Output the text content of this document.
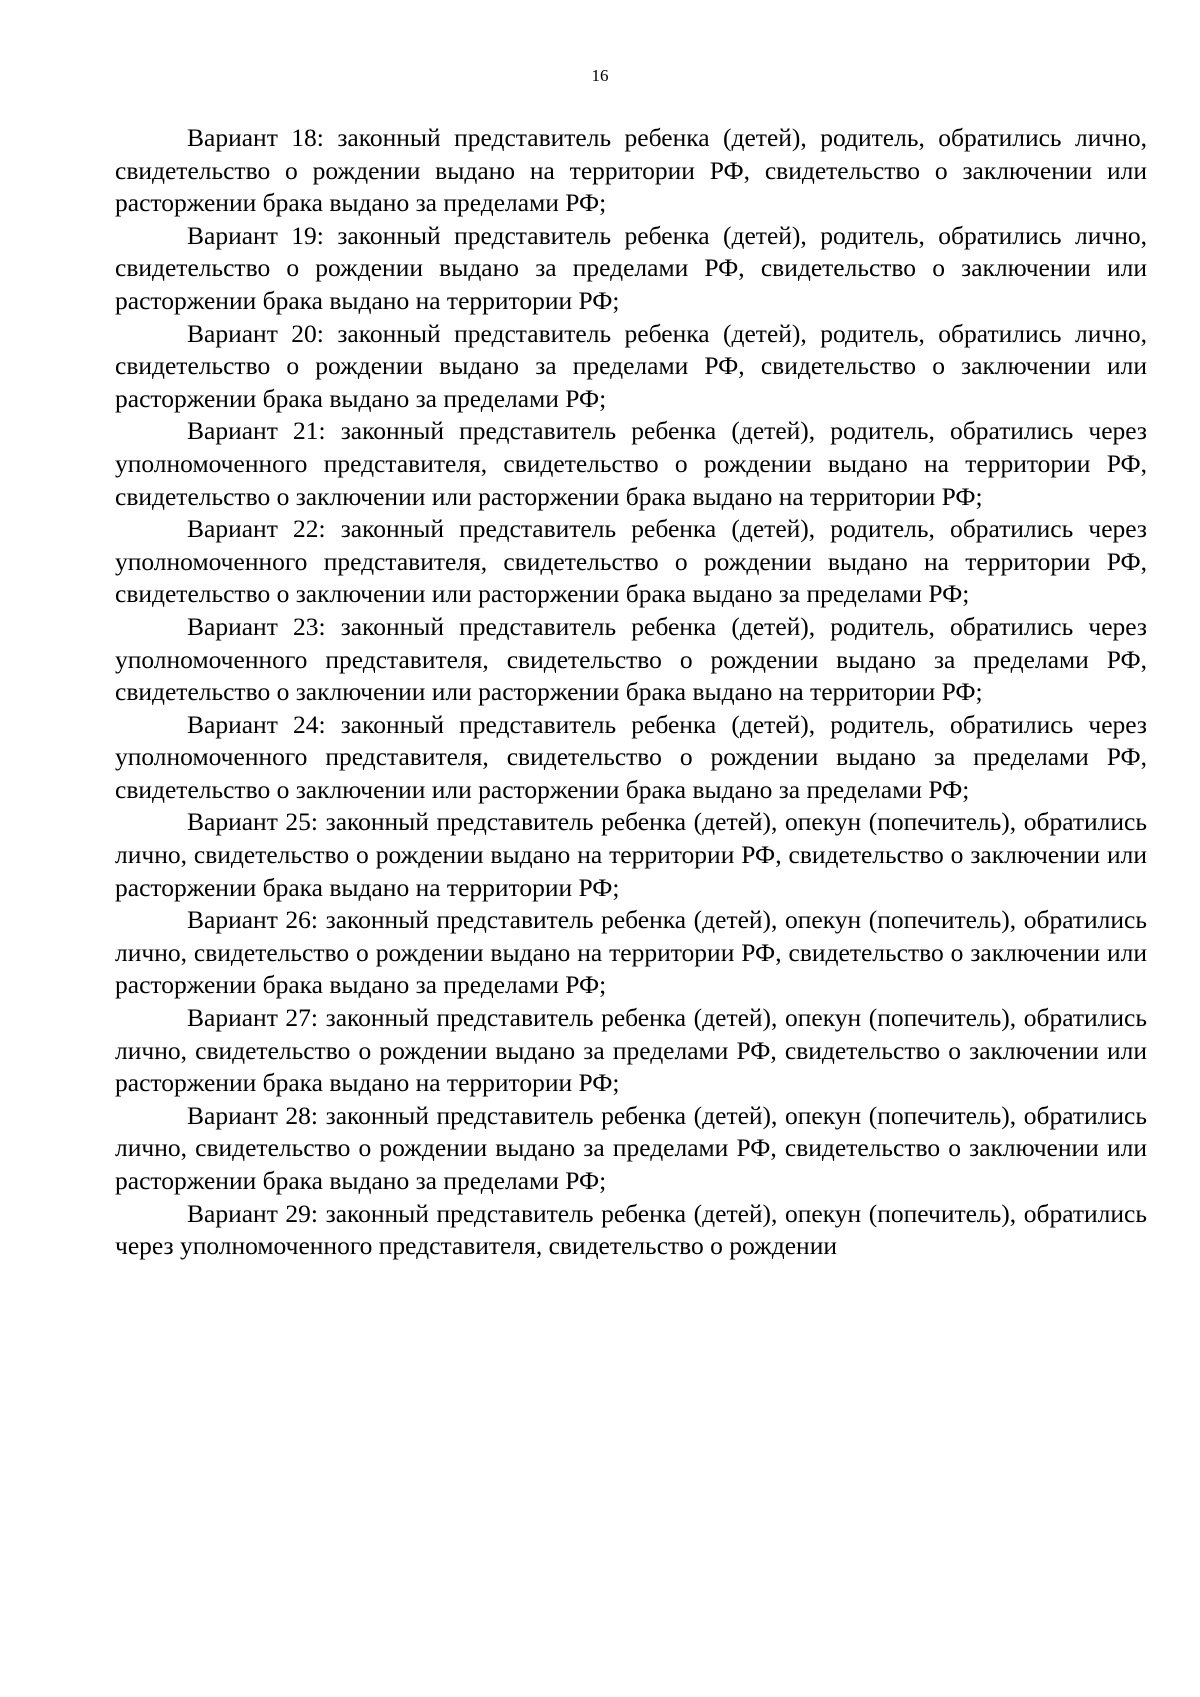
16

Вариант 18: законный представитель ребенка (детей), родитель, обратились лично, свидетельство о рождении выдано на территории РФ, свидетельство о заключении или расторжении брака выдано за пределами РФ;

Вариант 19: законный представитель ребенка (детей), родитель, обратились лично, свидетельство о рождении выдано за пределами РФ, свидетельство о заключении или расторжении брака выдано на территории РФ;

Вариант 20: законный представитель ребенка (детей), родитель, обратились лично, свидетельство о рождении выдано за пределами РФ, свидетельство о заключении или расторжении брака выдано за пределами РФ;

Вариант 21: законный представитель ребенка (детей), родитель, обратились через уполномоченного представителя, свидетельство о рождении выдано на территории РФ, свидетельство о заключении или расторжении брака выдано на территории РФ;

Вариант 22: законный представитель ребенка (детей), родитель, обратились через уполномоченного представителя, свидетельство о рождении выдано на территории РФ, свидетельство о заключении или расторжении брака выдано за пределами РФ;

Вариант 23: законный представитель ребенка (детей), родитель, обратились через уполномоченного представителя, свидетельство о рождении выдано за пределами РФ, свидетельство о заключении или расторжении брака выдано на территории РФ;

Вариант 24: законный представитель ребенка (детей), родитель, обратились через уполномоченного представителя, свидетельство о рождении выдано за пределами РФ, свидетельство о заключении или расторжении брака выдано за пределами РФ;

Вариант 25: законный представитель ребенка (детей), опекун (попечитель), обратились лично, свидетельство о рождении выдано на территории РФ, свидетельство о заключении или расторжении брака выдано на территории РФ;

Вариант 26: законный представитель ребенка (детей), опекун (попечитель), обратились лично, свидетельство о рождении выдано на территории РФ, свидетельство о заключении или расторжении брака выдано за пределами РФ;

Вариант 27: законный представитель ребенка (детей), опекун (попечитель), обратились лично, свидетельство о рождении выдано за пределами РФ, свидетельство о заключении или расторжении брака выдано на территории РФ;

Вариант 28: законный представитель ребенка (детей), опекун (попечитель), обратились лично, свидетельство о рождении выдано за пределами РФ, свидетельство о заключении или расторжении брака выдано за пределами РФ;

Вариант 29: законный представитель ребенка (детей), опекун (попечитель), обратились через уполномоченного представителя, свидетельство о рождении
